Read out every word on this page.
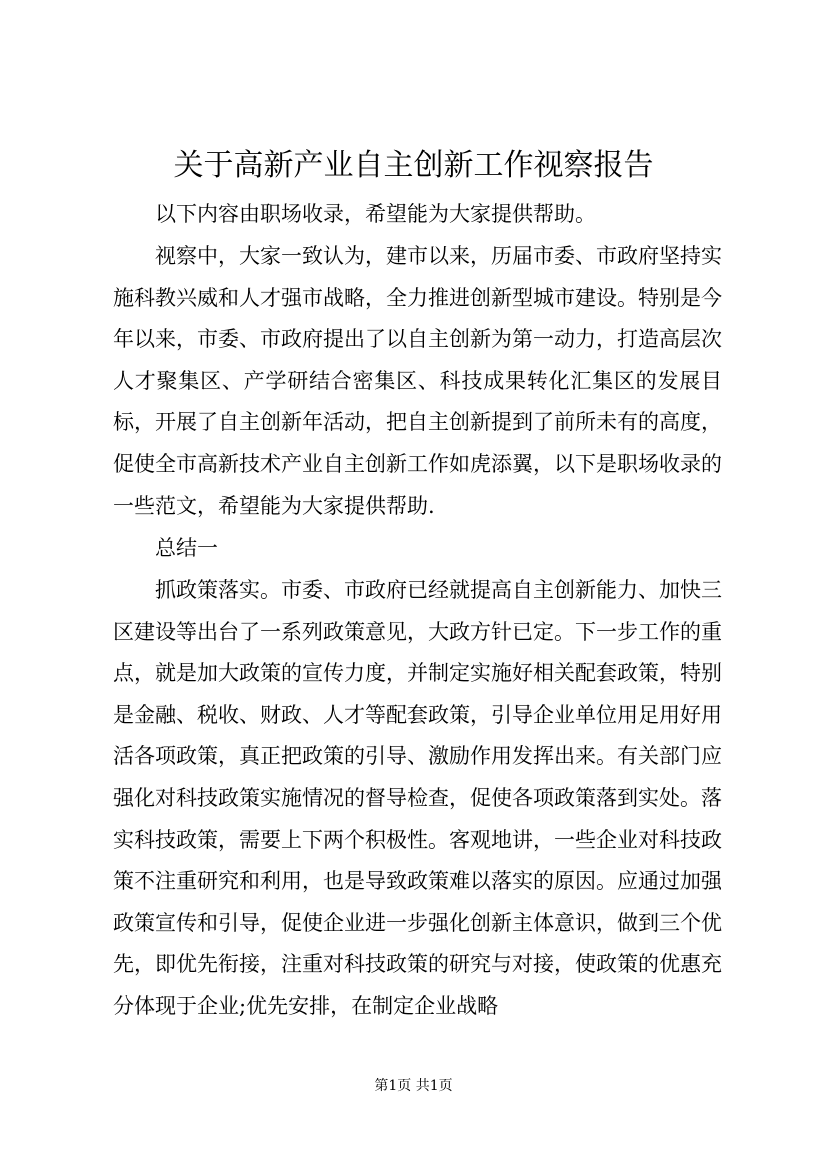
关于高新产业自主创新工作视察报告

以下内容由职场收录，希望能为大家提供帮助。

视察中，大家一致认为，建市以来，历届市委、市政府坚持实施科教兴威和人才强市战略，全力推进创新型城市建设。特别是今年以来，市委、市政府提出了以自主创新为第一动力，打造高层次人才聚集区、产学研结合密集区、科技成果转化汇集区的发展目标，开展了自主创新年活动，把自主创新提到了前所未有的高度，促使全市高新技术产业自主创新工作如虎添翼，以下是职场收录的一些范文，希望能为大家提供帮助.

总结一

抓政策落实。市委、市政府已经就提高自主创新能力、加快三区建设等出台了一系列政策意见，大政方针已定。下一步工作的重点，就是加大政策的宣传力度，并制定实施好相关配套政策，特别是金融、税收、财政、人才等配套政策，引导企业单位用足用好用活各项政策，真正把政策的引导、激励作用发挥出来。有关部门应强化对科技政策实施情况的督导检查，促使各项政策落到实处。落实科技政策，需要上下两个积极性。客观地讲，一些企业对科技政策不注重研究和利用，也是导致政策难以落实的原因。应通过加强政策宣传和引导，促使企业进一步强化创新主体意识，做到三个优先，即优先衔接，注重对科技政策的研究与对接，使政策的优惠充分体现于企业;优先安排，在制定企业战略

第1页 共1页
